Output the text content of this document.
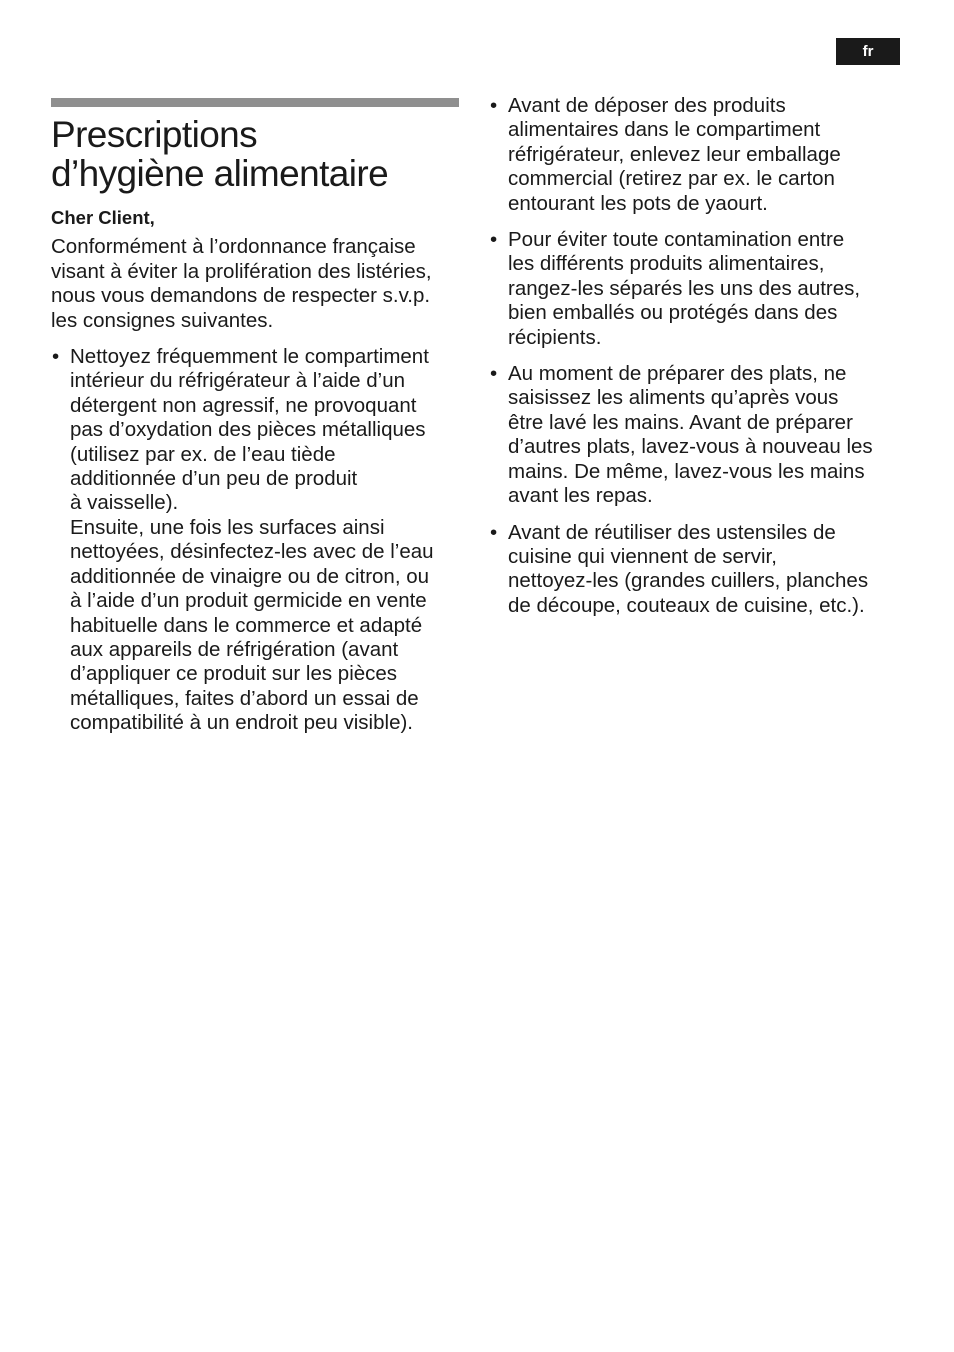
fr
Prescriptions
d’hygiène alimentaire

Cher Client,

Conformément à l’ordonnance française
visant à éviter la prolifération des listéries,
nous vous demandons de respecter s.v.p.
les consignes suivantes.

• Nettoyez fréquemment le compartiment
intérieur du réfrigérateur à l’aide d’un
détergent non agressif, ne provoquant
pas d’oxydation des pièces métalliques
(utilisez par ex. de l’eau tiède
additionnée d’un peu de produit
à vaisselle).
Ensuite, une fois les surfaces ainsi
nettoyées, désinfectez-les avec de l’eau
additionnée de vinaigre ou de citron, ou
à l’aide d’un produit germicide en vente
habituelle dans le commerce et adapté
aux appareils de réfrigération (avant
d’appliquer ce produit sur les pièces
métalliques, faites d’abord un essai de
compatibilité à un endroit peu visible).
• Avant de déposer des produits
alimentaires dans le compartiment
réfrigérateur, enlevez leur emballage
commercial (retirez par ex. le carton
entourant les pots de yaourt.
• Pour éviter toute contamination entre
les différents produits alimentaires,
rangez-les séparés les uns des autres,
bien emballés ou protégés dans des
récipients.
• Au moment de préparer des plats, ne
saisissez les aliments qu’après vous
être lavé les mains. Avant de préparer
d’autres plats, lavez-vous à nouveau les
mains. De même, lavez-vous les mains
avant les repas.
• Avant de réutiliser des ustensiles de
cuisine qui viennent de servir,
nettoyez-les (grandes cuillers, planches
de découpe, couteaux de cuisine, etc.).
